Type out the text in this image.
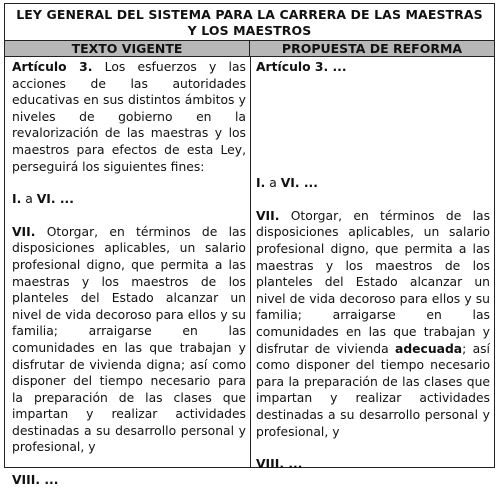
LEY GENERAL DEL SISTEMA PARA LA CARRERA DE LAS MAESTRAS Y LOS MAESTROS
TEXTO VIGENTE	PROPUESTA DE REFORMA

Artículo 3. Los esfuerzos y las acciones de las autoridades educativas en sus distintos ámbitos y niveles de gobierno en la revalorización de las maestras y los maestros para efectos de esta Ley, perseguirá los siguientes fines:

I. a VI. ...

VII. Otorgar, en términos de las disposiciones aplicables, un salario profesional digno, que permita a las maestras y los maestros de los planteles del Estado alcanzar un nivel de vida decoroso para ellos y su familia; arraigarse en las comunidades en las que trabajan y disfrutar de vivienda digna; así como disponer del tiempo necesario para la preparación de las clases que impartan y realizar actividades destinadas a su desarrollo personal y profesional, y

VIII. ...

Artículo 3. ...

I. a VI. ...

VII. Otorgar, en términos de las disposiciones aplicables, un salario profesional digno, que permita a las maestras y los maestros de los planteles del Estado alcanzar un nivel de vida decoroso para ellos y su familia; arraigarse en las comunidades en las que trabajan y disfrutar de vivienda adecuada; así como disponer del tiempo necesario para la preparación de las clases que impartan y realizar actividades destinadas a su desarrollo personal y profesional, y

VIII. ...
